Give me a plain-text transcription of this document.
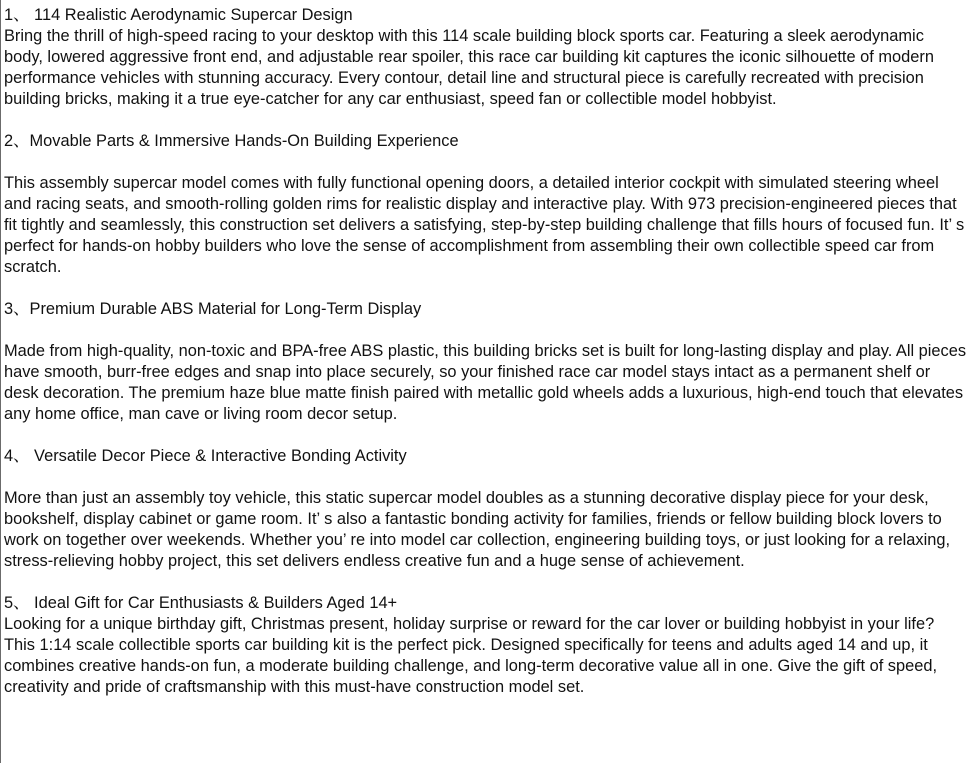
1、 114 Realistic Aerodynamic Supercar Design

Bring the thrill of high-speed racing to your desktop with this 114 scale building block sports car. Featuring a sleek aerodynamic body, lowered aggressive front end, and adjustable rear spoiler, this race car building kit captures the iconic silhouette of modern performance vehicles with stunning accuracy. Every contour, detail line and structural piece is carefully recreated with precision building bricks, making it a true eye-catcher for any car enthusiast, speed fan or collectible model hobbyist.

2、Movable Parts & Immersive Hands-On Building Experience

This assembly supercar model comes with fully functional opening doors, a detailed interior cockpit with simulated steering wheel and racing seats, and smooth-rolling golden rims for realistic display and interactive play. With 973 precision-engineered pieces that fit tightly and seamlessly, this construction set delivers a satisfying, step-by-step building challenge that fills hours of focused fun. It’ s perfect for hands-on hobby builders who love the sense of accomplishment from assembling their own collectible speed car from scratch.

3、Premium Durable ABS Material for Long-Term Display

Made from high-quality, non-toxic and BPA-free ABS plastic, this building bricks set is built for long-lasting display and play. All pieces have smooth, burr-free edges and snap into place securely, so your finished race car model stays intact as a permanent shelf or desk decoration. The premium haze blue matte finish paired with metallic gold wheels adds a luxurious, high-end touch that elevates any home office, man cave or living room decor setup.

4、 Versatile Decor Piece & Interactive Bonding Activity

More than just an assembly toy vehicle, this static supercar model doubles as a stunning decorative display piece for your desk, bookshelf, display cabinet or game room. It’ s also a fantastic bonding activity for families, friends or fellow building block lovers to work on together over weekends. Whether you’ re into model car collection, engineering building toys, or just looking for a relaxing, stress-relieving hobby project, this set delivers endless creative fun and a huge sense of achievement.

5、 Ideal Gift for Car Enthusiasts & Builders Aged 14+

Looking for a unique birthday gift, Christmas present, holiday surprise or reward for the car lover or building hobbyist in your life? This 1:14 scale collectible sports car building kit is the perfect pick. Designed specifically for teens and adults aged 14 and up, it combines creative hands-on fun, a moderate building challenge, and long-term decorative value all in one. Give the gift of speed, creativity and pride of craftsmanship with this must-have construction model set.
